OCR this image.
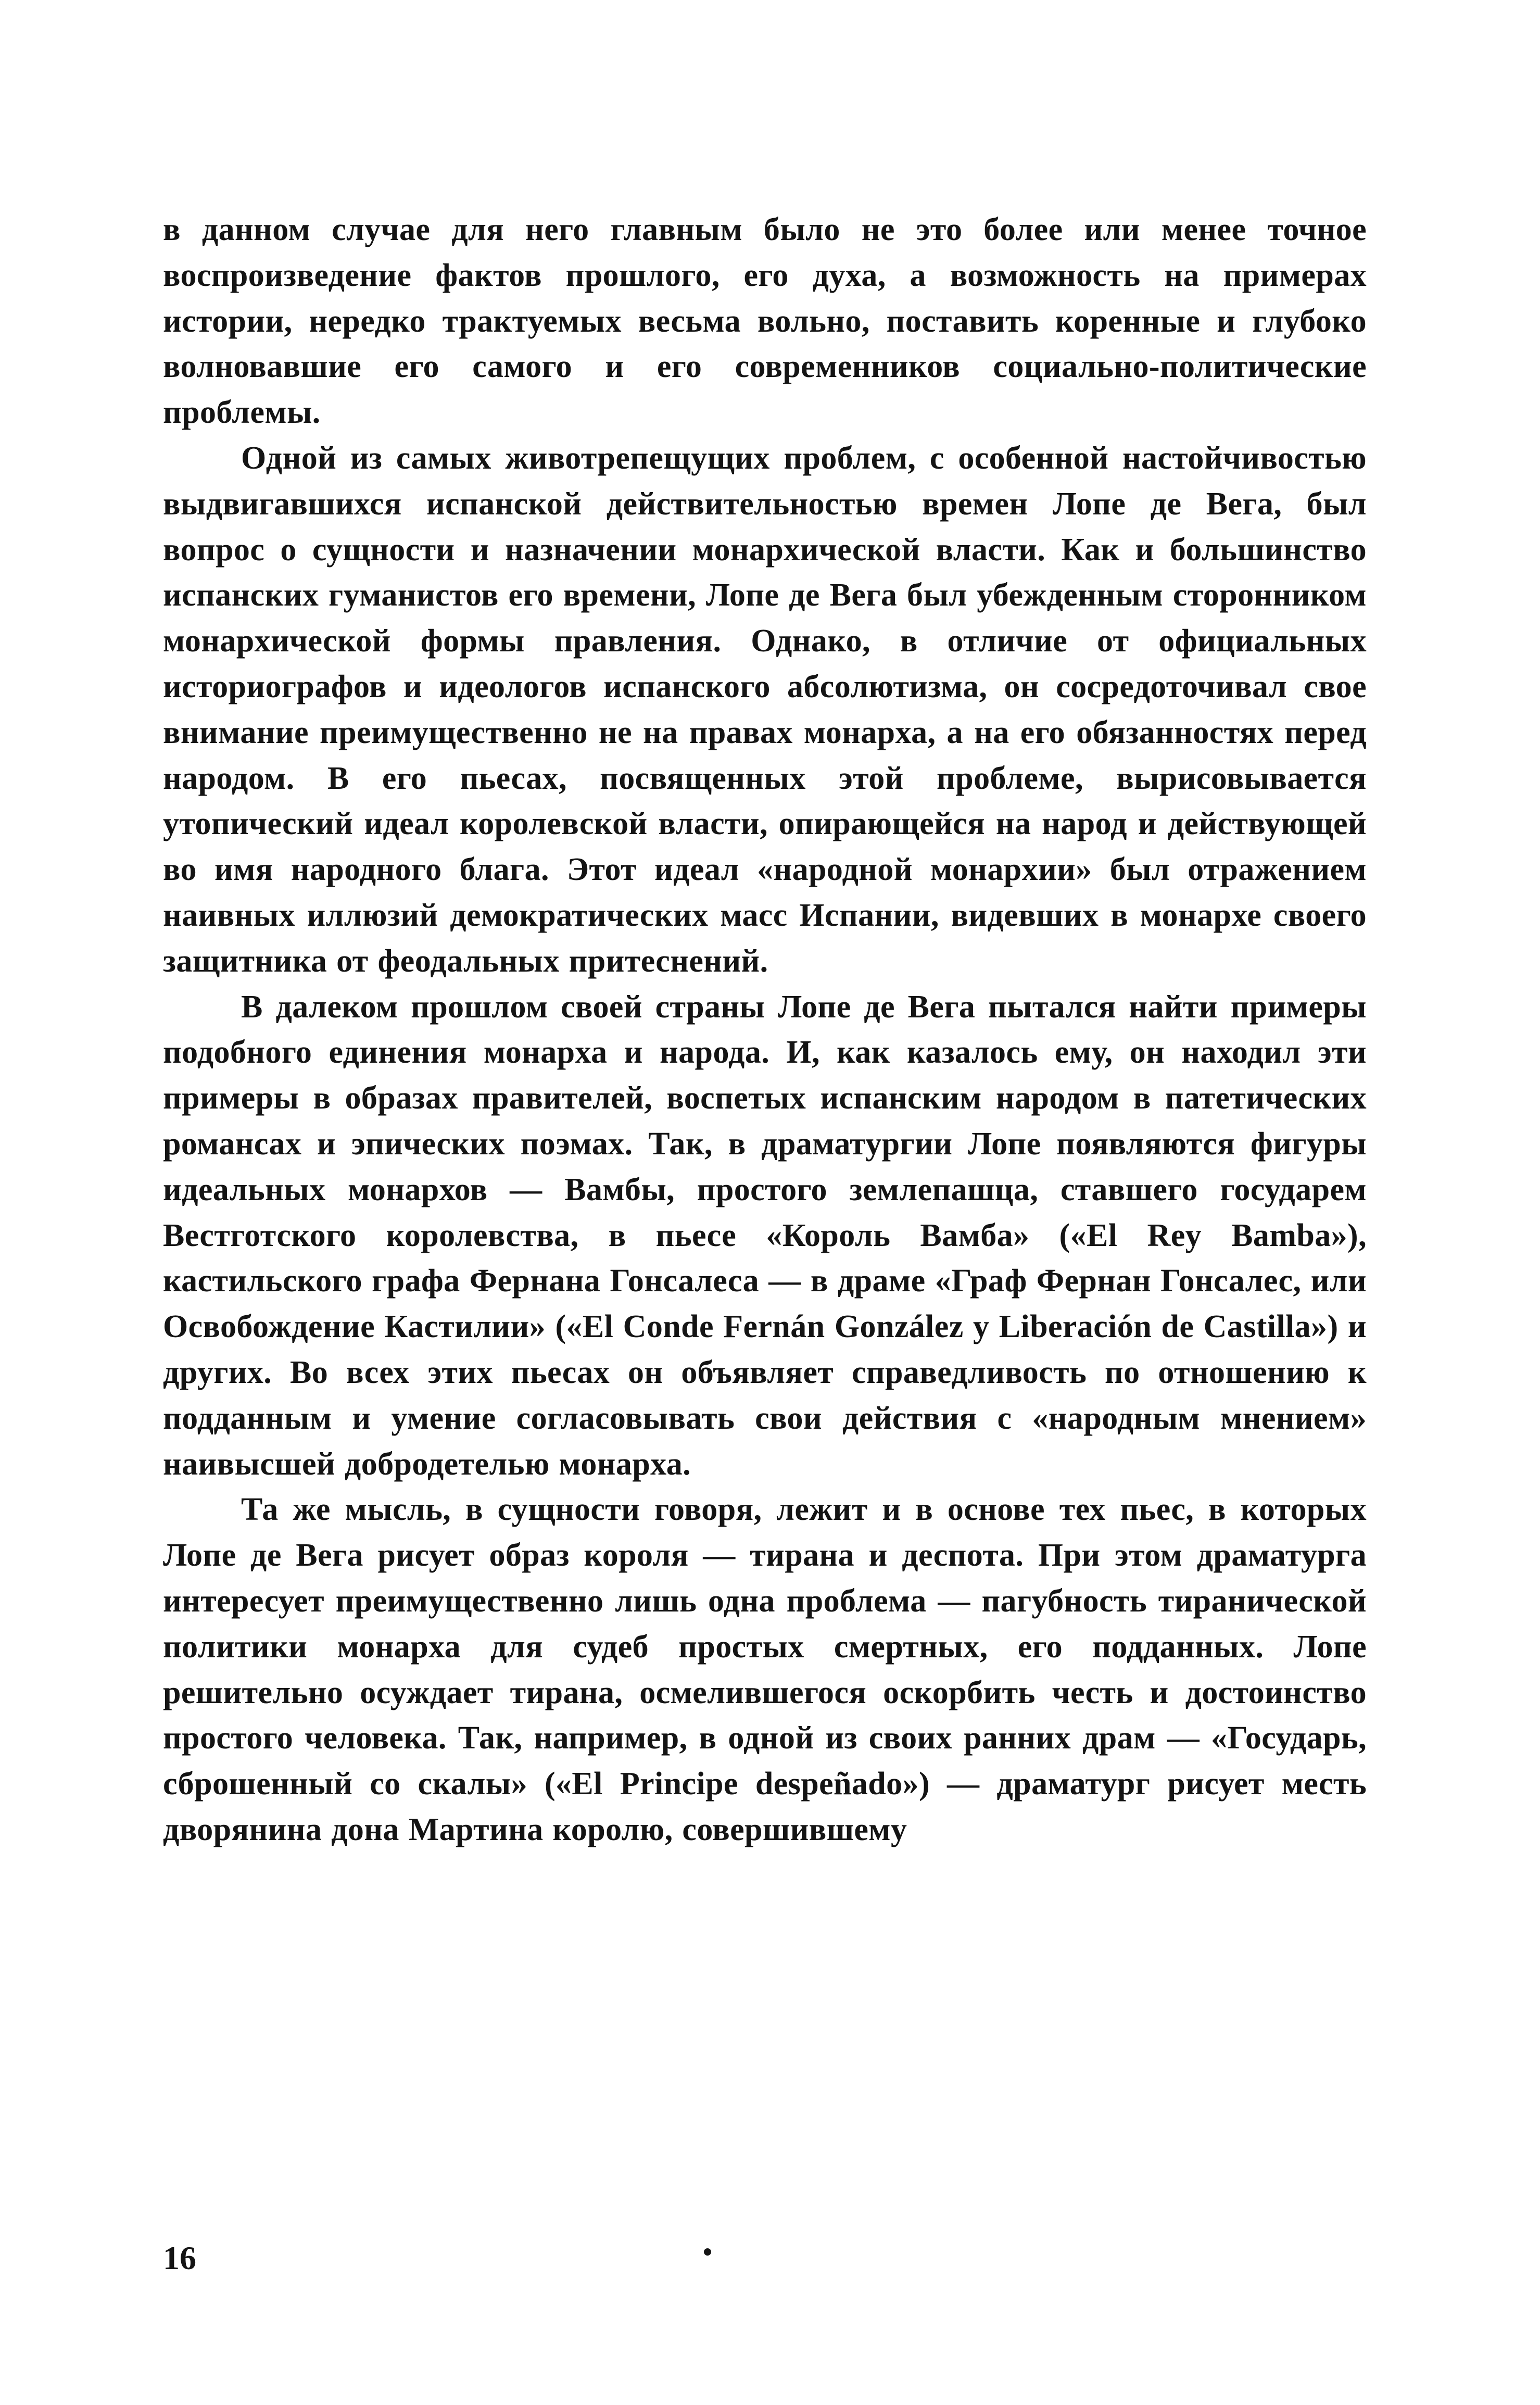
в данном случае для него главным было не это более или менее точное воспроизведение фактов прошлого, его духа, а возможность на примерах истории, нередко трактуемых весьма вольно, поставить коренные и глубоко волновавшие его самого и его современников социально-политические проблемы.

Одной из самых животрепещущих проблем, с особенной настойчивостью выдвигавшихся испанской действительностью времен Лопе де Вега, был вопрос о сущности и назначении монархической власти. Как и большинство испанских гуманистов его времени, Лопе де Вега был убежденным сторонником монархической формы правления. Однако, в отличие от официальных историографов и идеологов испанского абсолютизма, он сосредоточивал свое внимание преимущественно не на правах монарха, а на его обязанностях перед народом. В его пьесах, посвященных этой проблеме, вырисовывается утопический идеал королевской власти, опирающейся на народ и действующей во имя народного блага. Этот идеал «народной монархии» был отражением наивных иллюзий демократических масс Испании, видевших в монархе своего защитника от феодальных притеснений.

В далеком прошлом своей страны Лопе де Вега пытался найти примеры подобного единения монарха и народа. И, как казалось ему, он находил эти примеры в образах правителей, воспетых испанским народом в патетических романсах и эпических поэмах. Так, в драматургии Лопе появляются фигуры идеальных монархов — Вамбы, простого землепашца, ставшего государем Вестготского королевства, в пьесе «Король Вамба» («El Rey Bamba»), кастильского графа Фернана Гонсалеса — в драме «Граф Фернан Гонсалес, или Освобождение Кастилии» («El Conde Fernán González y Liberación de Castilla») и других. Во всех этих пьесах он объявляет справедливость по отношению к подданным и умение согласовывать свои действия с «народным мнением» наивысшей добродетелью монарха.

Та же мысль, в сущности говоря, лежит и в основе тех пьес, в которых Лопе де Вега рисует образ короля — тирана и деспота. При этом драматурга интересует преимущественно лишь одна проблема — пагубность тиранической политики монарха для судеб простых смертных, его подданных. Лопе решительно осуждает тирана, осмелившегося оскорбить честь и достоинство простого человека. Так, например, в одной из своих ранних драм — «Государь, сброшенный со скалы» («El Principe despeñado») — драматург рисует месть дворянина дона Мартина королю, совершившему

16
